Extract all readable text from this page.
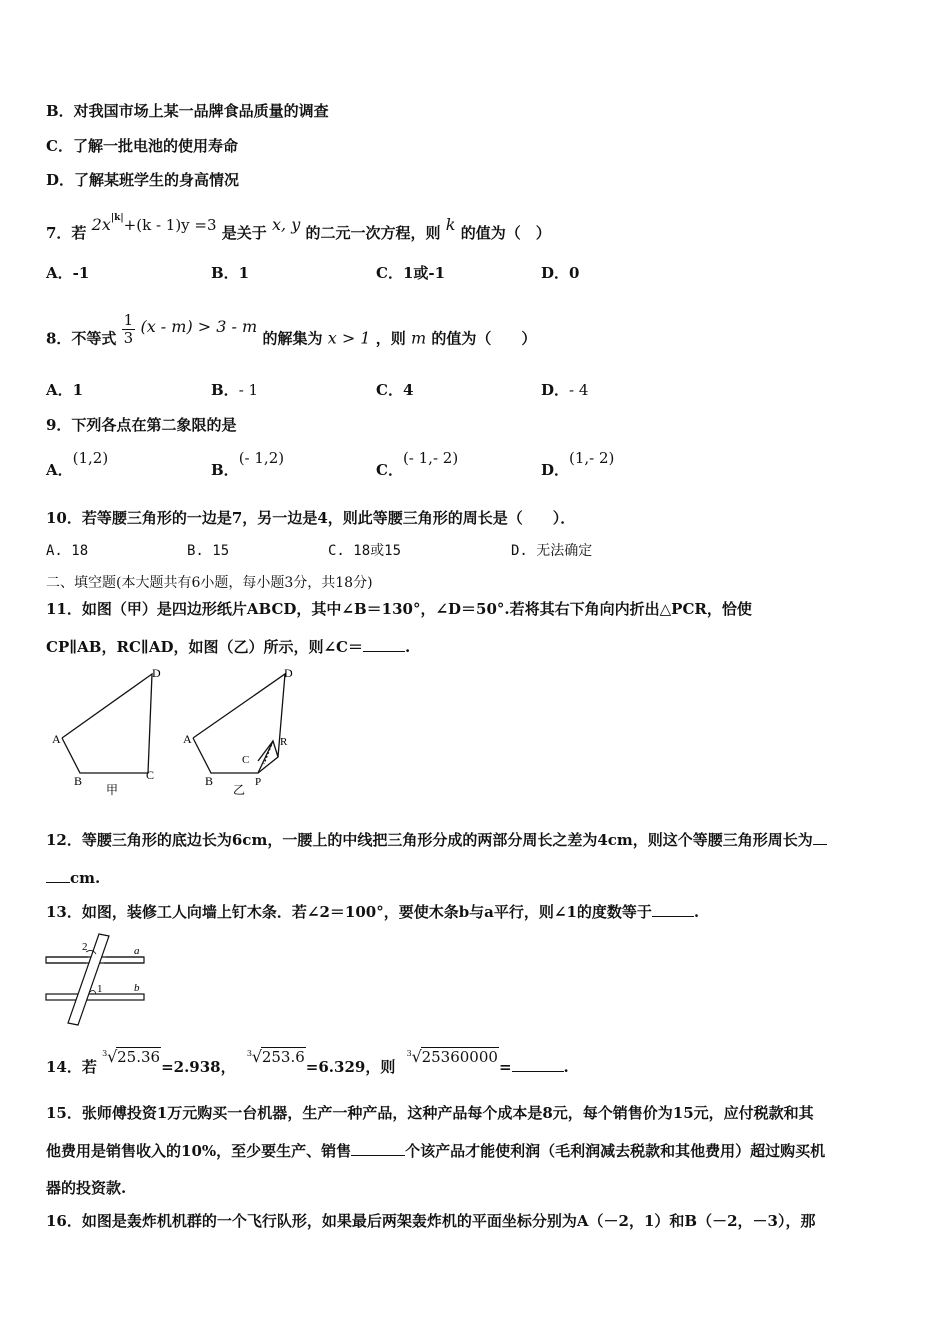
B．对我国市场上某一品牌食品质量的调查
C．了解一批电池的使用寿命
D．了解某班学生的身高情况
7．若 $2x^{|k|}+(k - 1)y =3$ 是关于 x, y 的二元一次方程，则 k 的值为（　）
A．-1	B．1	C．1或-1	D．0
8．不等式 $\frac{1}{3} (x - m) > 3 - m$ 的解集为 x > 1 ，则 m 的值为（　　）
A．1	B．- 1	C．4	D．- 4
9．下列各点在第二象限的是
A．(1,2)
B．(- 1,2)
C．(- 1,- 2)
D．(1,- 2)
10．若等腰三角形的一边是7，另一边是4，则此等腰三角形的周长是（　　）．
A. 18	B. 15	C. 18或15	D. 无法确定
二、填空题(本大题共有6小题，每小题3分，共18分)
11．如图（甲）是四边形纸片ABCD，其中∠B＝130°，∠D＝50°.若将其右下角向内折出△PCR，恰使
CP∥AB，RC∥AD，如图（乙）所示，则∠C＝	.
A
B	C
D
甲
A
B
C
P
R
D
乙
12．等腰三角形的底边长为6cm，一腰上的中线把三角形分成的两部分周长之差为4cm，则这个等腰三角形周长为
cm.
13．如图，装修工人向墙上钉木条．若∠2＝100°，要使木条b与a平行，则∠1的度数等于	.
2
1
a
b
14．若
3 √ 25.36=2.938，
3 √ 253.6=6.329，则
3 √ 25360000=	.
15．张师傅投资1万元购买一台机器，生产一种产品，这种产品每个成本是8元，每个销售价为15元，应付税款和其
他费用是销售收入的10%，至少要生产、销售	个该产品才能使利润（毛利润减去税款和其他费用）超过购买机
器的投资款.
16．如图是轰炸机机群的一个飞行队形，如果最后两架轰炸机的平面坐标分别为A（－2，1）和B（－2，－3），那
